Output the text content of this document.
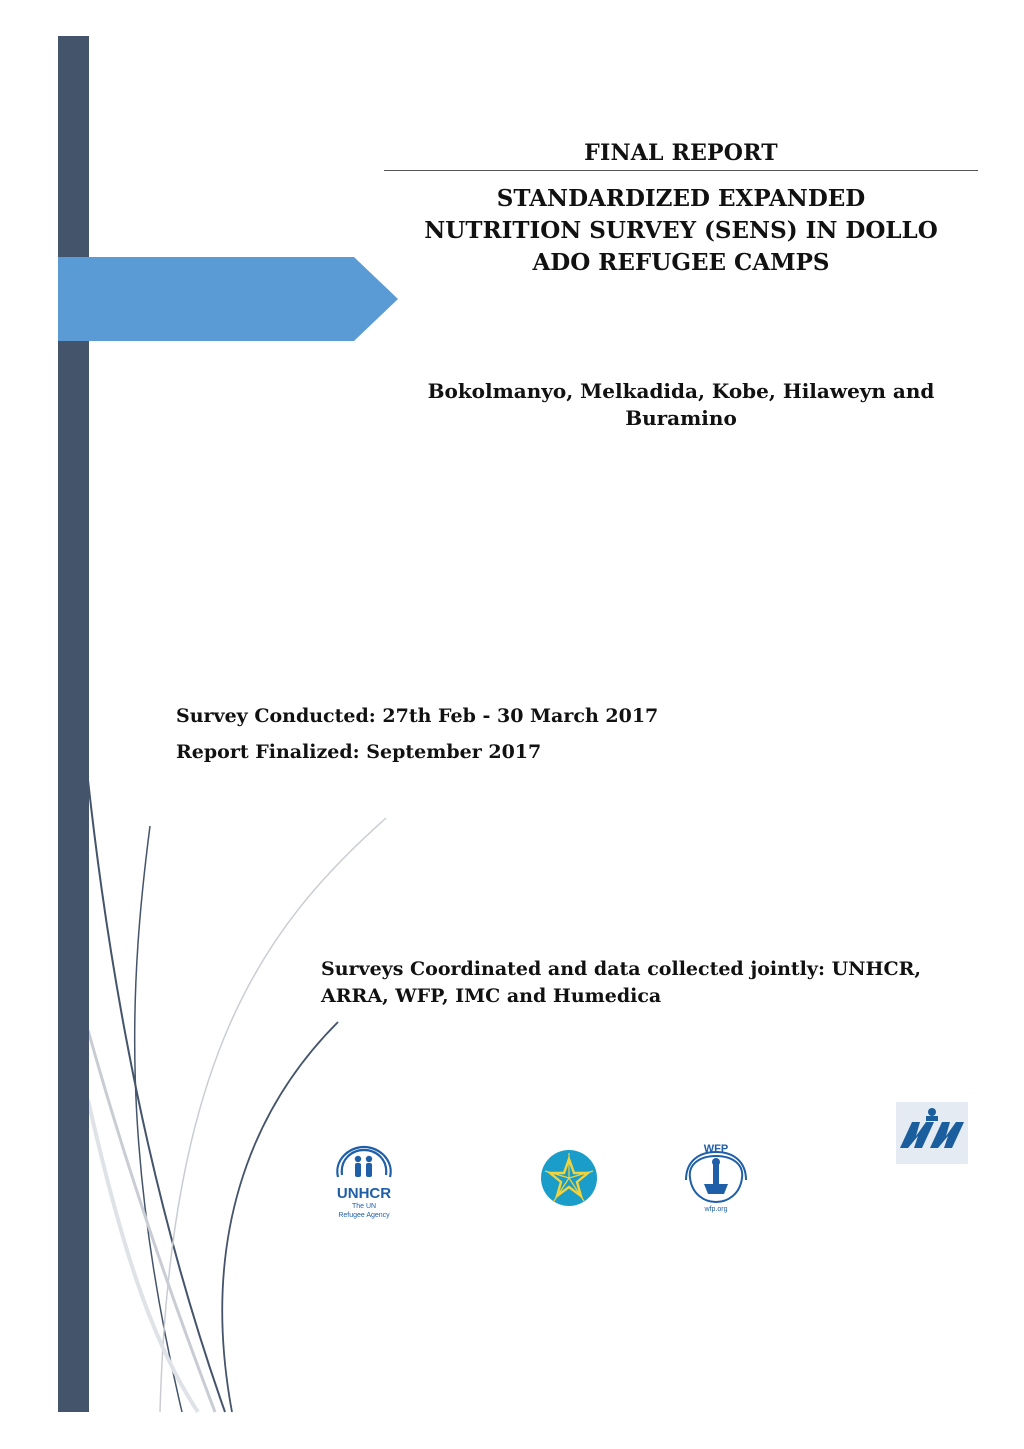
FINAL REPORT
STANDARDIZED EXPANDED NUTRITION SURVEY (SENS) IN DOLLO ADO REFUGEE CAMPS
Bokolmanyo, Melkadida, Kobe, Hilaweyn and Buramino
Survey Conducted: 27th Feb - 30 March 2017
Report Finalized: September 2017
Surveys Coordinated and data collected jointly: UNHCR, ARRA, WFP, IMC and Humedica
UNHCR
The UN
Refugee Agency
WFP
wfp.org
